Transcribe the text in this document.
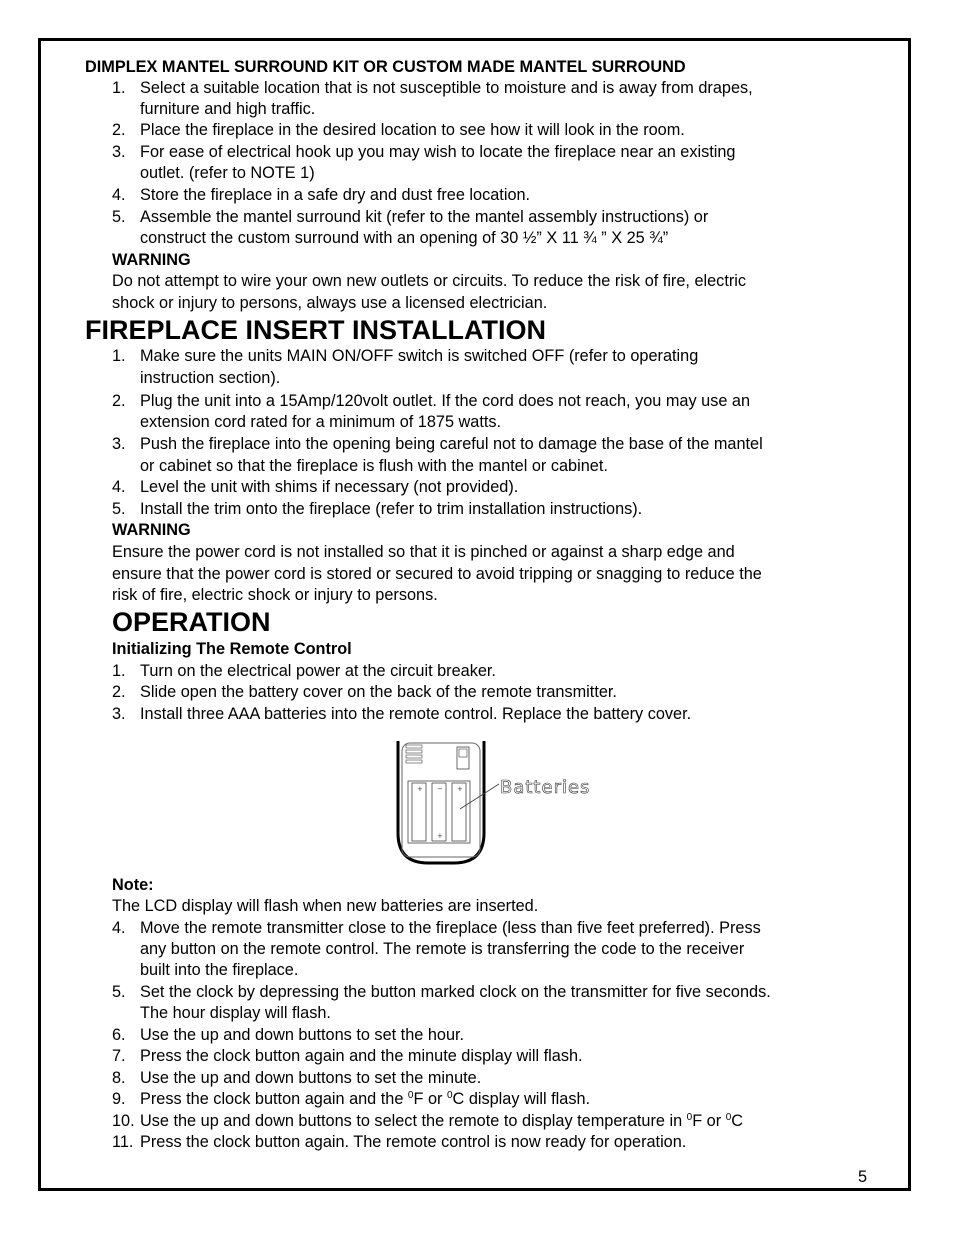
DIMPLEX MANTEL SURROUND KIT OR CUSTOM MADE MANTEL SURROUND
1. Select a suitable location that is not susceptible to moisture and is away from drapes,
furniture and high traffic.
2. Place the fireplace in the desired location to see how it will look in the room.
3. For ease of electrical hook up you may wish to locate the fireplace near an existing
outlet. (refer to NOTE 1)
4. Store the fireplace in a safe dry and dust free location.
5. Assemble the mantel surround kit (refer to the mantel assembly instructions) or
construct the custom surround with an opening of 30 ½” X 11 ¾ ” X 25 ¾”
WARNING
Do not attempt to wire your own new outlets or circuits. To reduce the risk of fire, electric
shock or injury to persons, always use a licensed electrician.
FIREPLACE INSERT INSTALLATION
1. Make sure the units MAIN ON/OFF switch is switched OFF (refer to operating
instruction section).
2. Plug the unit into a 15Amp/120volt outlet. If the cord does not reach, you may use an
extension cord rated for a minimum of 1875 watts.
3. Push the fireplace into the opening being careful not to damage the base of the mantel
or cabinet so that the fireplace is flush with the mantel or cabinet.
4. Level the unit with shims if necessary (not provided).
5. Install the trim onto the fireplace (refer to trim installation instructions).
WARNING
Ensure the power cord is not installed so that it is pinched or against a sharp edge and
ensure that the power cord is stored or secured to avoid tripping or snagging to reduce the
risk of fire, electric shock or injury to persons.
OPERATION
Initializing The Remote Control
1. Turn on the electrical power at the circuit breaker.
2. Slide open the battery cover on the back of the remote transmitter.
3. Install three AAA batteries into the remote control. Replace the battery cover.
+ − +
+
Batteries
Note:
The LCD display will flash when new batteries are inserted.
4. Move the remote transmitter close to the fireplace (less than five feet preferred). Press
any button on the remote control. The remote is transferring the code to the receiver
built into the fireplace.
5. Set the clock by depressing the button marked clock on the transmitter for five seconds.
The hour display will flash.
6. Use the up and down buttons to set the hour.
7. Press the clock button again and the minute display will flash.
8. Use the up and down buttons to set the minute.
9. Press the clock button again and the $^0$F or $^0$C display will flash.
10. Use the up and down buttons to select the remote to display temperature in $^0$F or $^0$C
11. Press the clock button again. The remote control is now ready for operation.
5
